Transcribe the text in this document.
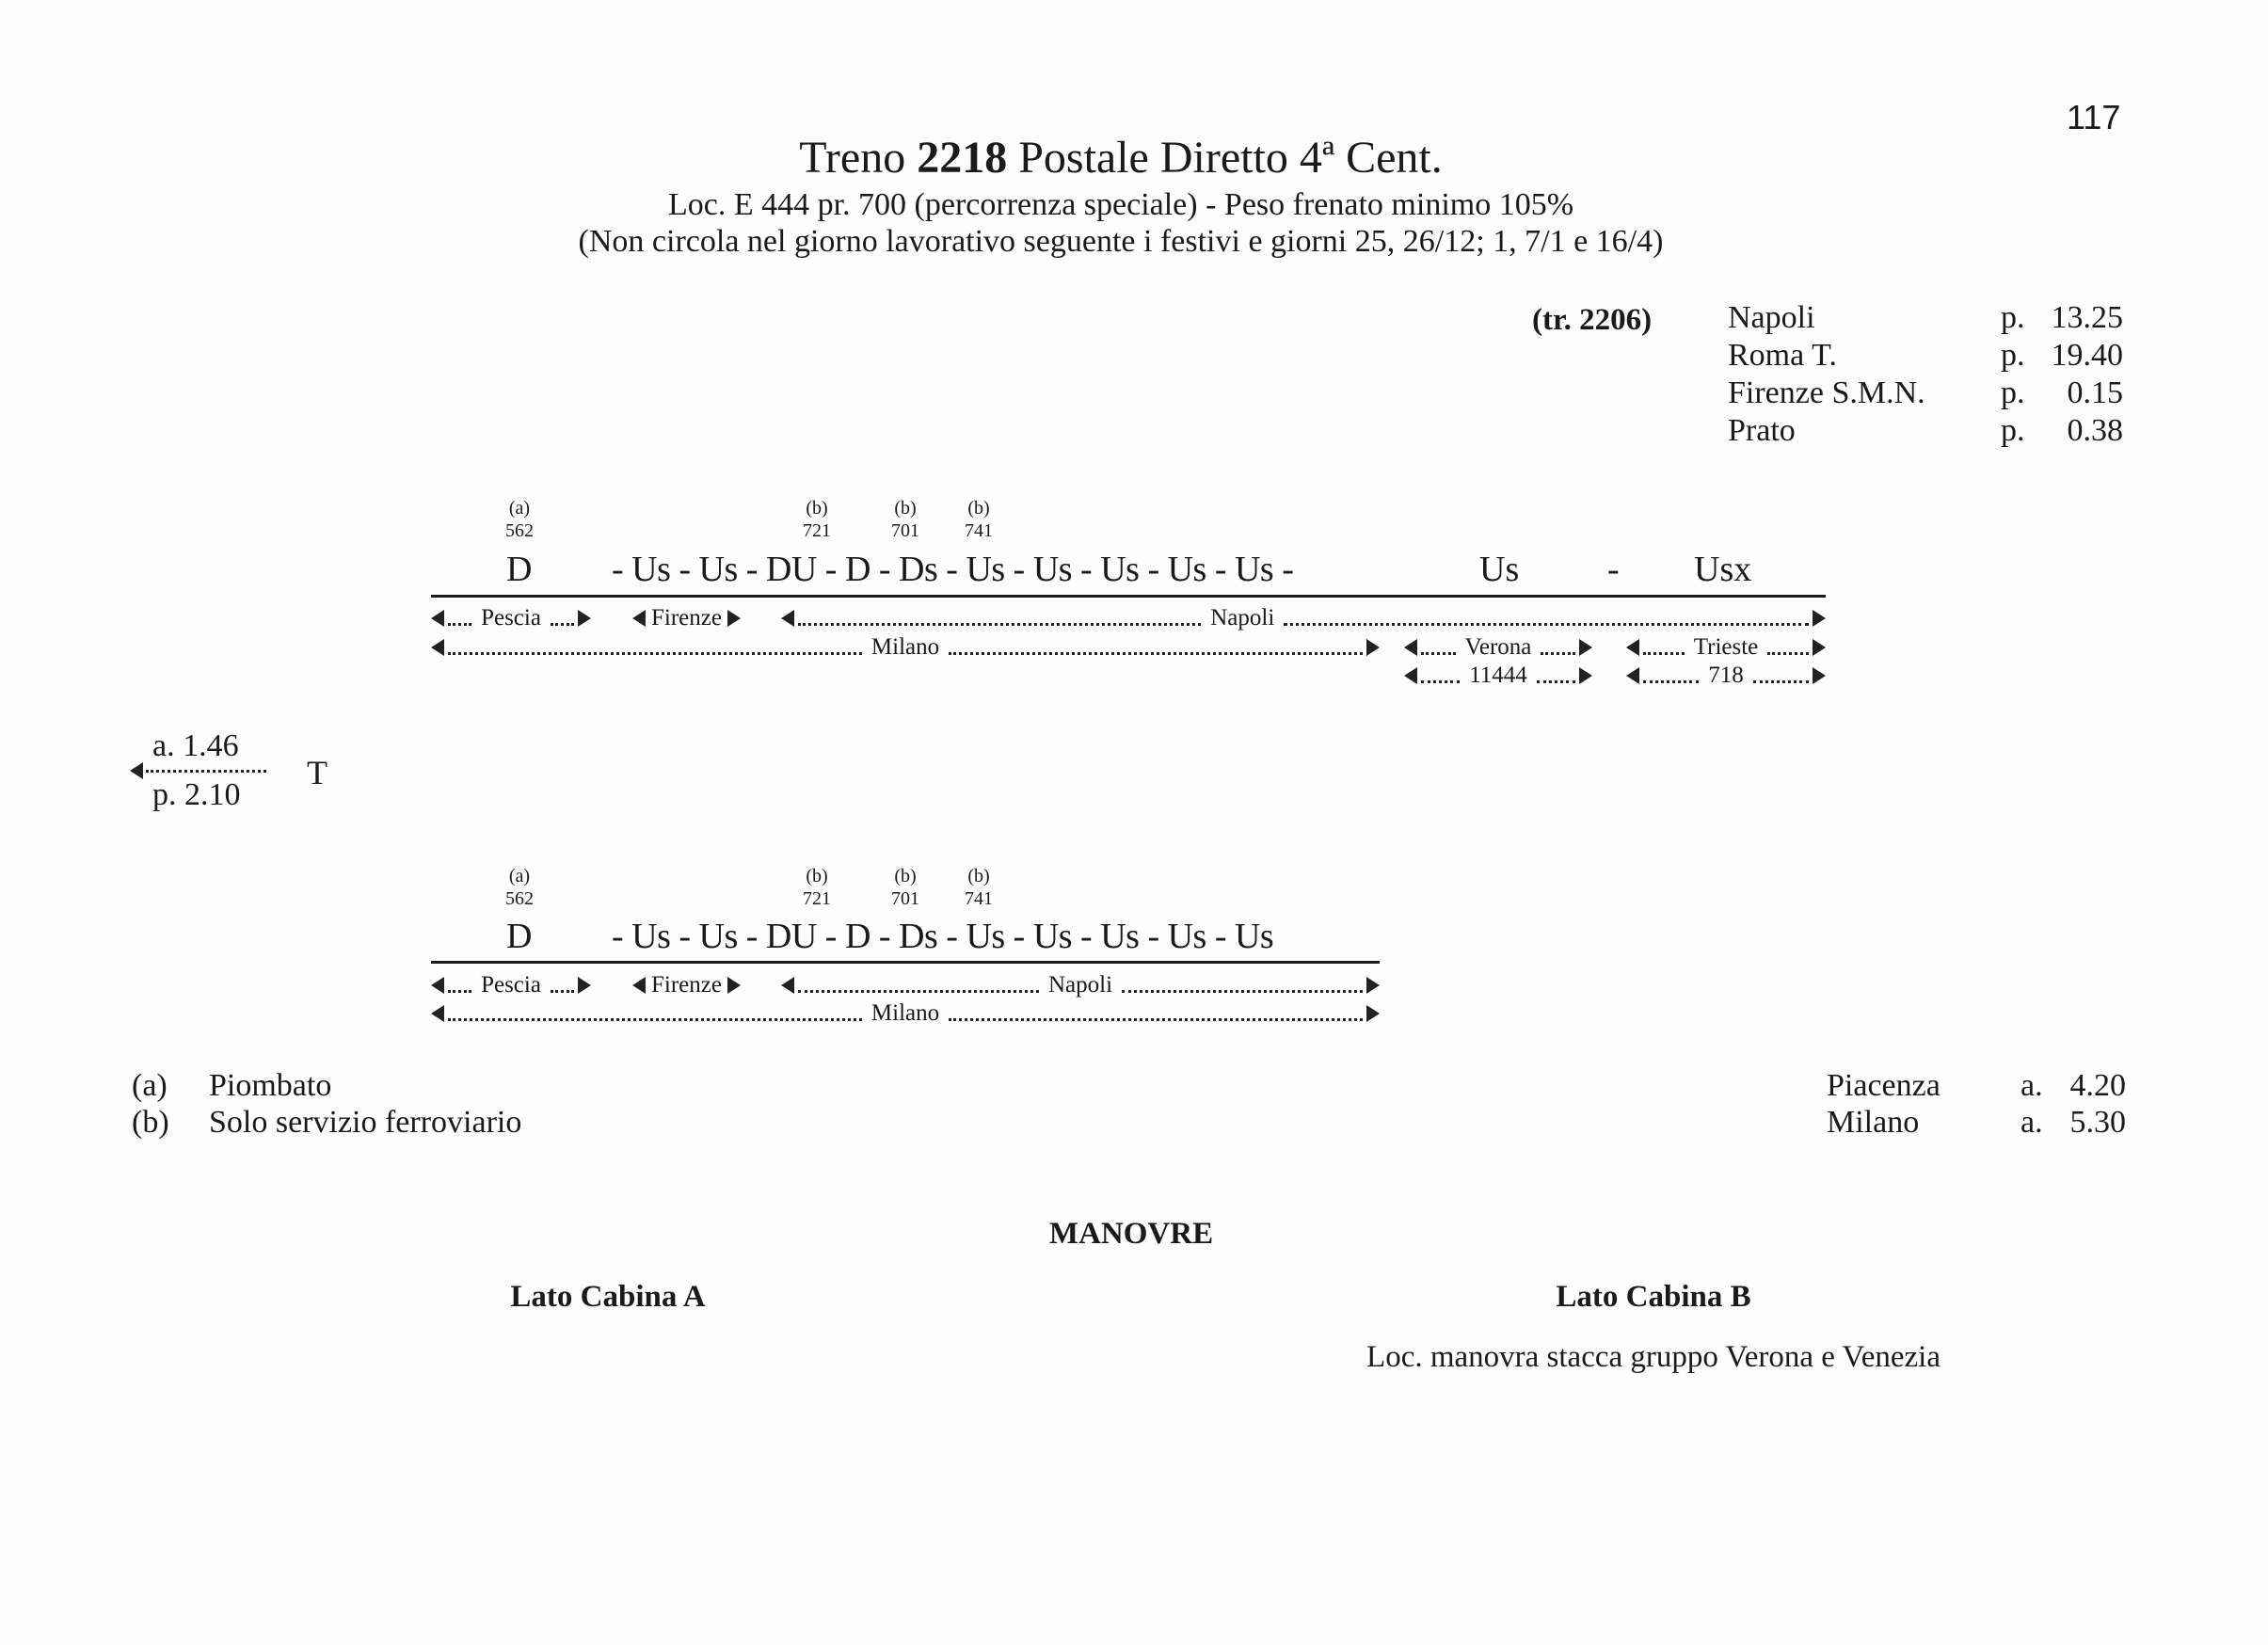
117
Treno 2218 Postale Diretto 4ª Cent.
Loc. E 444 pr. 700 (percorrenza speciale) - Peso frenato minimo 105%
(Non circola nel giorno lavorativo seguente i festivi e giorni 25, 26/12; 1, 7/1 e 16/4)
(tr. 2206) Napoli	p. 13.25
Roma T.	p. 19.40
Firenze S.M.N.	p.	0.15
Prato	p.	0.38
(a)
562
(b)
721
(b)
701
(b)
741
D - Us - Us - DU - D - Ds - Us - Us - Us - Us - Us -	Us - Usx
Pescia	Firenze	Napoli
Milano	Verona	Trieste
11444	718
a. 1.46
p. 2.10
T
(a)
562
(b)
721
(b)
701
(b)
741
D - Us - Us - DU - D - Ds - Us - Us - Us - Us - Us
Pescia	Firenze	Napoli
Milano
(a)	Piombato
(b)	Solo servizio ferroviario
Piacenza	a. 4.20
Milano	a. 5.30
MANOVRE
Lato Cabina A	Lato Cabina B
Loc. manovra stacca gruppo Verona e Venezia
